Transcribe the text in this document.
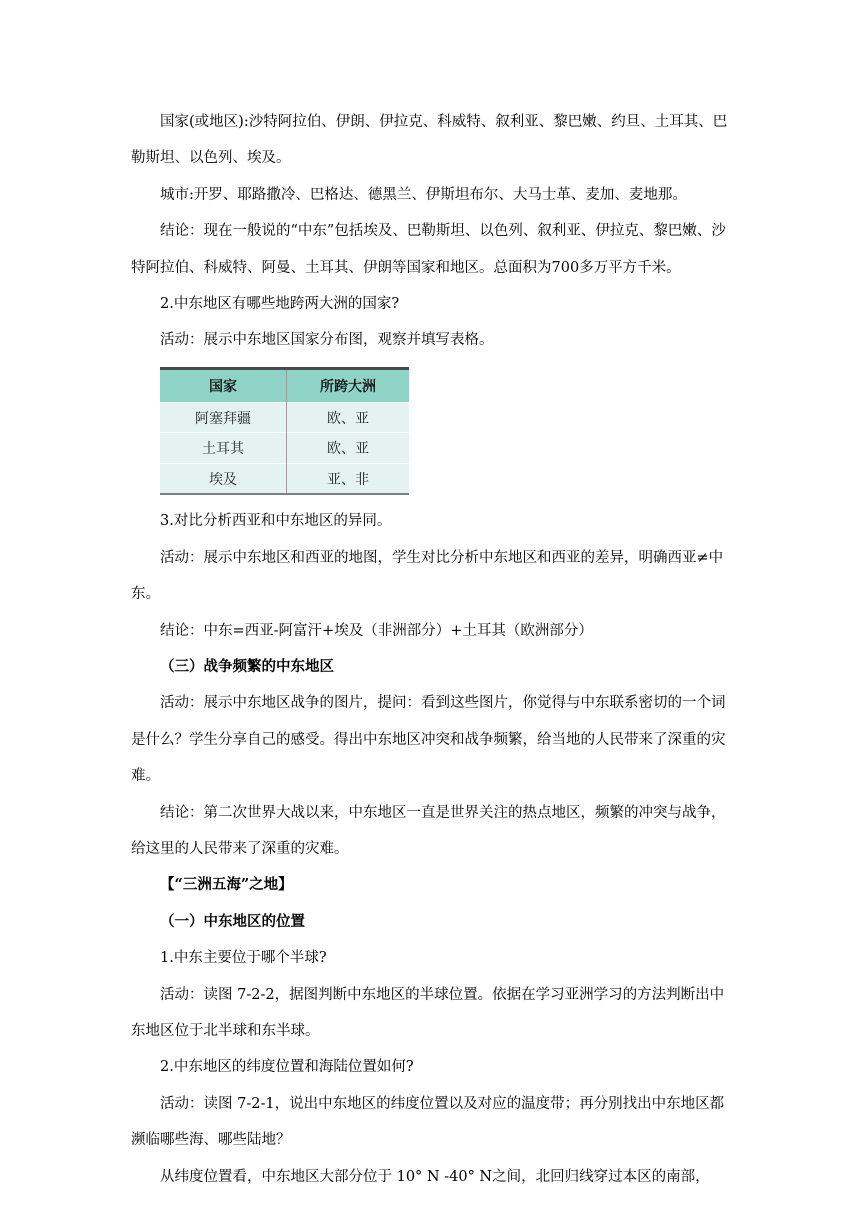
国家(或地区):沙特阿拉伯、伊朗、伊拉克、科威特、叙利亚、黎巴嫩、约旦、土耳其、巴勒斯坦、以色列、埃及。

城市:开罗、耶路撒冷、巴格达、德黑兰、伊斯坦布尔、大马士革、麦加、麦地那。

结论：现在一般说的“中东”包括埃及、巴勒斯坦、以色列、叙利亚、伊拉克、黎巴嫩、沙特阿拉伯、科威特、阿曼、土耳其、伊朗等国家和地区。总面积为700多万平方千米。

2.中东地区有哪些地跨两大洲的国家?

活动：展示中东地区国家分布图，观察并填写表格。

国家	所跨大洲
阿塞拜疆	欧、亚
土耳其	欧、亚
埃及	亚、非

3.对比分析西亚和中东地区的异同。

活动：展示中东地区和西亚的地图，学生对比分析中东地区和西亚的差异，明确西亚≠中东。

结论：中东=西亚-阿富汗+埃及（非洲部分）+土耳其（欧洲部分）

（三）战争频繁的中东地区

活动：展示中东地区战争的图片，提问：看到这些图片，你觉得与中东联系密切的一个词是什么？学生分享自己的感受。得出中东地区冲突和战争频繁，给当地的人民带来了深重的灾难。

结论：第二次世界大战以来，中东地区一直是世界关注的热点地区，频繁的冲突与战争，给这里的人民带来了深重的灾难。

【“三洲五海”之地】

（一）中东地区的位置

1.中东主要位于哪个半球?

活动：读图 7-2-2，据图判断中东地区的半球位置。依据在学习亚洲学习的方法判断出中东地区位于北半球和东半球。

2.中东地区的纬度位置和海陆位置如何?

活动：读图 7-2-1，说出中东地区的纬度位置以及对应的温度带；再分别找出中东地区都濒临哪些海、哪些陆地？

从纬度位置看，中东地区大部分位于 10° N -40° N之间，北回归线穿过本区的南部，
